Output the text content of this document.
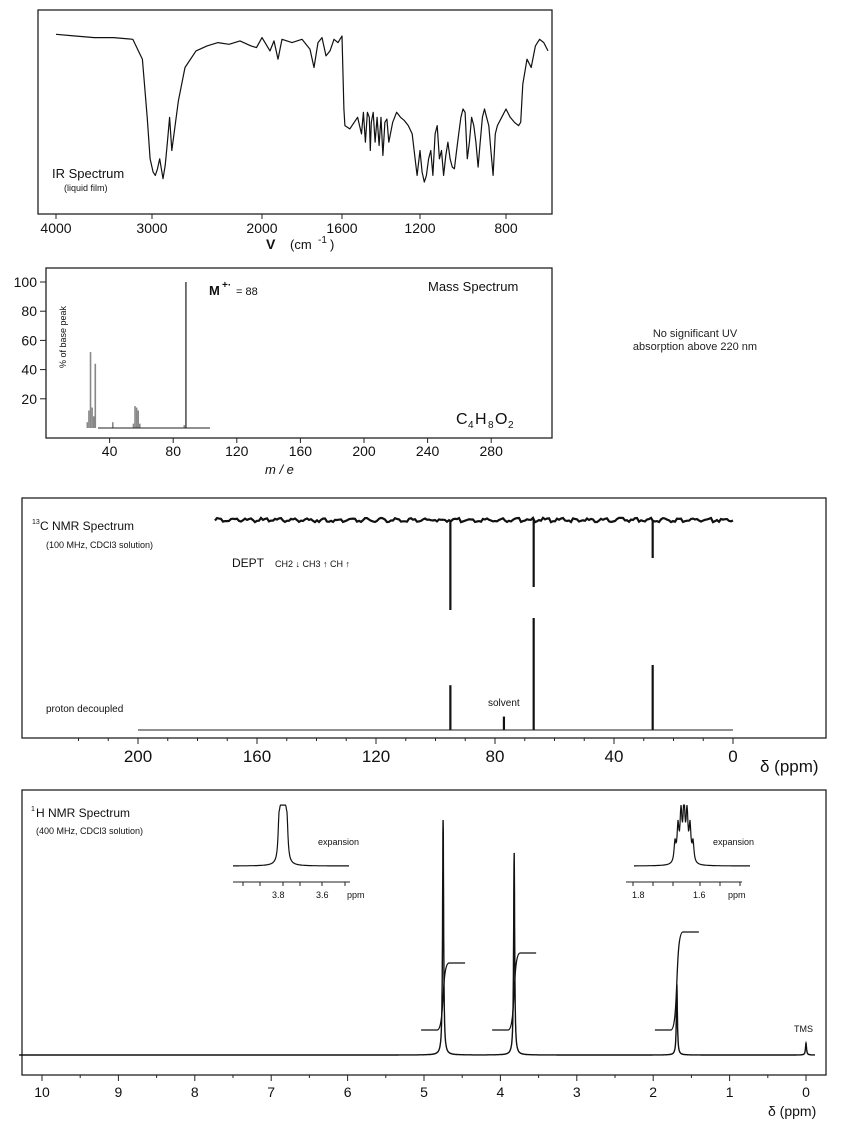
4000	3000	2000	1600	1200	800
IR Spectrum
(liquid film)
V (cm -1 )
40	80	120	160	200	240	280
100
80
60
40
20
% of base peak
Mass Spectrum
M +·
= 88
C 4 H 8 O 2
m / e
200	160	120	80	40	0
13 C NMR Spectrum
(100 MHz, CDCl3 solution)
DEPT CH2 ↓ CH3 ↑ CH ↑
proton decoupled
solvent
δ (ppm)
10	9	8	7	6	5	4	3	2	1	0
1 H NMR Spectrum
(400 MHz, CDCl3 solution)
TMS
δ (ppm)
expansion
3.8	3.6 ppm
expansion
1.8	1.6 ppm
No significant UV
absorption above 220 nm
